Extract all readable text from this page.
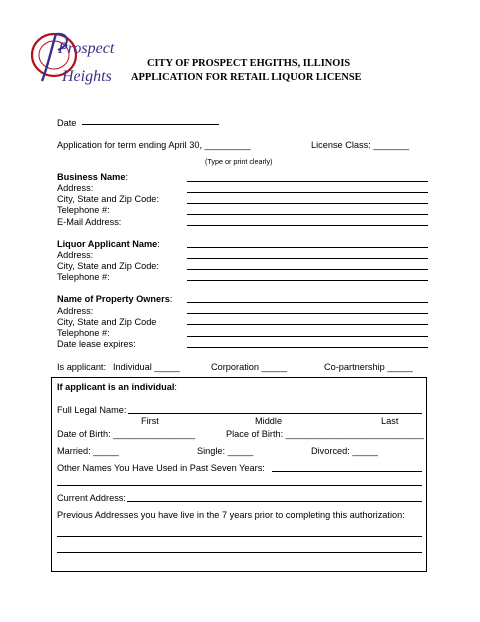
Prospect
Heights
CITY OF PROSPECT EHGITHS, ILLINOIS
APPLICATION FOR RETAIL LIQUOR LICENSE
Date
Application for term ending April 30, _________	License Class: _______
(Type or print clearly)
Business Name:
Address:
City, State and Zip Code:
Telephone #:
E-Mail Address:
Liquor Applicant Name:
Address:
City, State and Zip Code:
Telephone #:
Name of Property Owners:
Address:
City, State and Zip Code
Telephone #:
Date lease expires:
Is applicant: Individual _____	Corporation _____	Co-partnership _____
If applicant is an individual:
Full Legal Name:
First	Middle	Last
Date of Birth: ________________	Place of Birth: ___________________________
Married: _____	Single: _____	Divorced: _____
Other Names You Have Used in Past Seven Years:
Current Address:
Previous Addresses you have live in the 7 years prior to completing this authorization:
